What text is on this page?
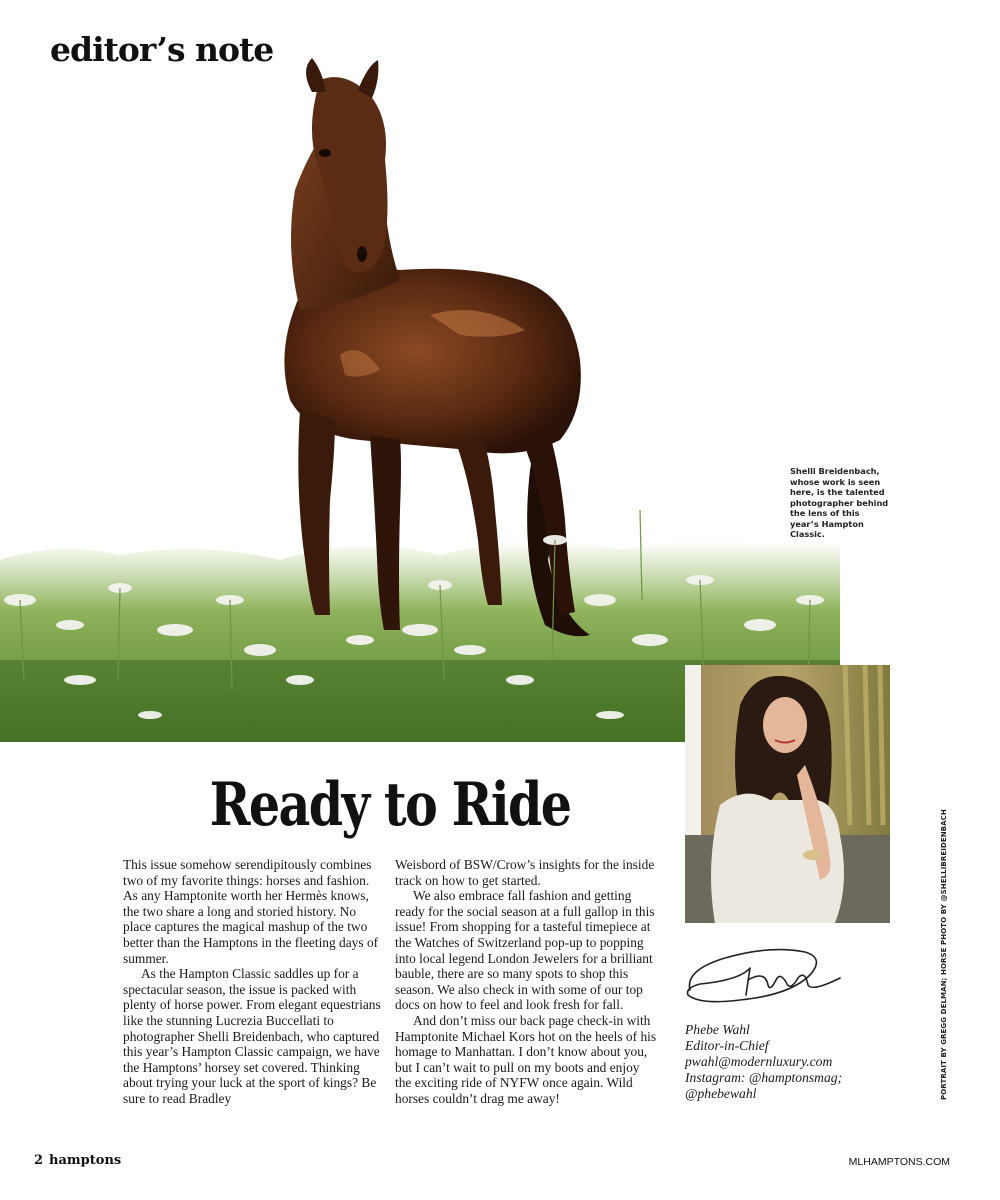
editor’s note
Shelli Breidenbach, whose work is seen here, is the talented photographer behind the lens of this year’s Hampton Classic.
PORTRAIT BY GREGG DELMAN; HORSE PHOTO BY @SHELLIBREIDENBACH
Ready to Ride

This issue somehow serendipitously combines two of my favorite things: horses and fashion. As any Hamptonite worth her Hermès knows, the two share a long and storied history. No place captures the magical mashup of the two better than the Hamptons in the fleeting days of summer.

As the Hampton Classic saddles up for a spectacular season, the issue is packed with plenty of horse power. From elegant equestrians like the stunning Lucrezia Buccellati to photographer Shelli Breidenbach, who captured this year’s Hampton Classic campaign, we have the Hamptons’ horsey set covered. Thinking about trying your luck at the sport of kings? Be sure to read Bradley

Weisbord of BSW/Crow’s insights for the inside track on how to get started.

We also embrace fall fashion and getting ready for the social season at a full gallop in this issue! From shopping for a tasteful timepiece at the Watches of Switzerland pop-up to popping into local legend London Jewelers for a brilliant bauble, there are so many spots to shop this season. We also check in with some of our top docs on how to feel and look fresh for fall.

And don’t miss our back page check-in with Hamptonite Michael Kors hot on the heels of his homage to Manhattan. I don’t know about you, but I can’t wait to pull on my boots and enjoy the exciting ride of NYFW once again. Wild horses couldn’t drag me away!

Phebe Wahl
Editor-in-Chief
pwahl@modernluxury.com
Instagram: @hamptonsmag;
@phebewahl
2 hamptons	MLHAMPTONS.COM
